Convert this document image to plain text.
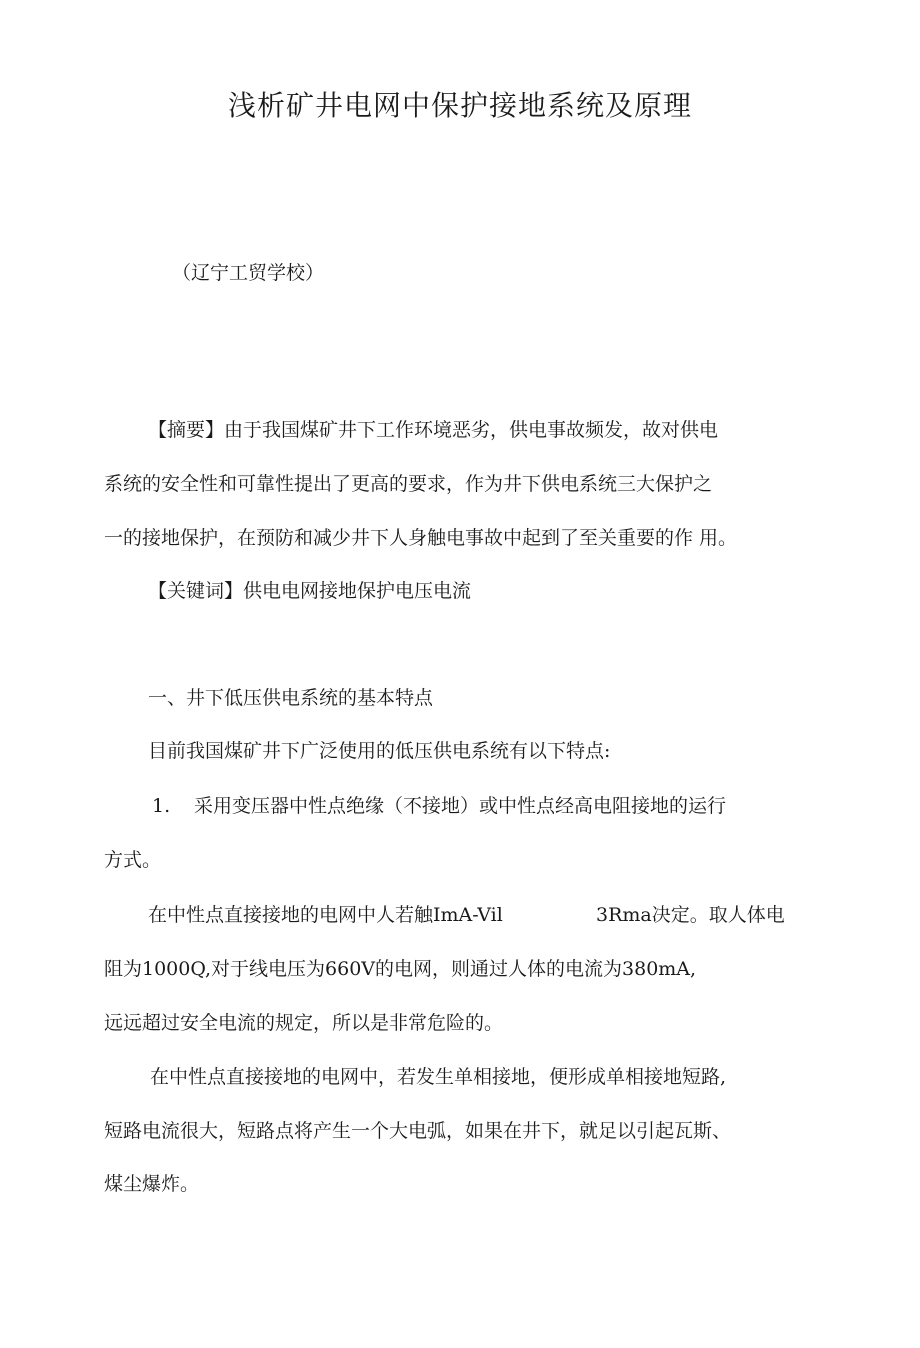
浅析矿井电网中保护接地系统及原理
（辽宁工贸学校）
【摘要】由于我国煤矿井下工作环境恶劣，供电事故频发，故对供电
系统的安全性和可靠性提出了更高的要求，作为井下供电系统三大保护之
一的接地保护，在预防和减少井下人身触电事故中起到了至关重要的作 用。
【关键词】供电电网接地保护电压电流
一、井下低压供电系统的基本特点
目前我国煤矿井下广泛使用的低压供电系统有以下特点:
1. 采用变压器中性点绝缘（不接地）或中性点经高电阻接地的运行
方式。
在中性点直接接地的电网中人若触ImA-Vil	3Rma决定。取人体电
阻为1000Q,对于线电压为660V的电网，则通过人体的电流为380mA,
远远超过安全电流的规定，所以是非常危险的。
在中性点直接接地的电网中，若发生单相接地，便形成单相接地短路,
短路电流很大，短路点将产生一个大电弧，如果在井下，就足以引起瓦斯、
煤尘爆炸。
